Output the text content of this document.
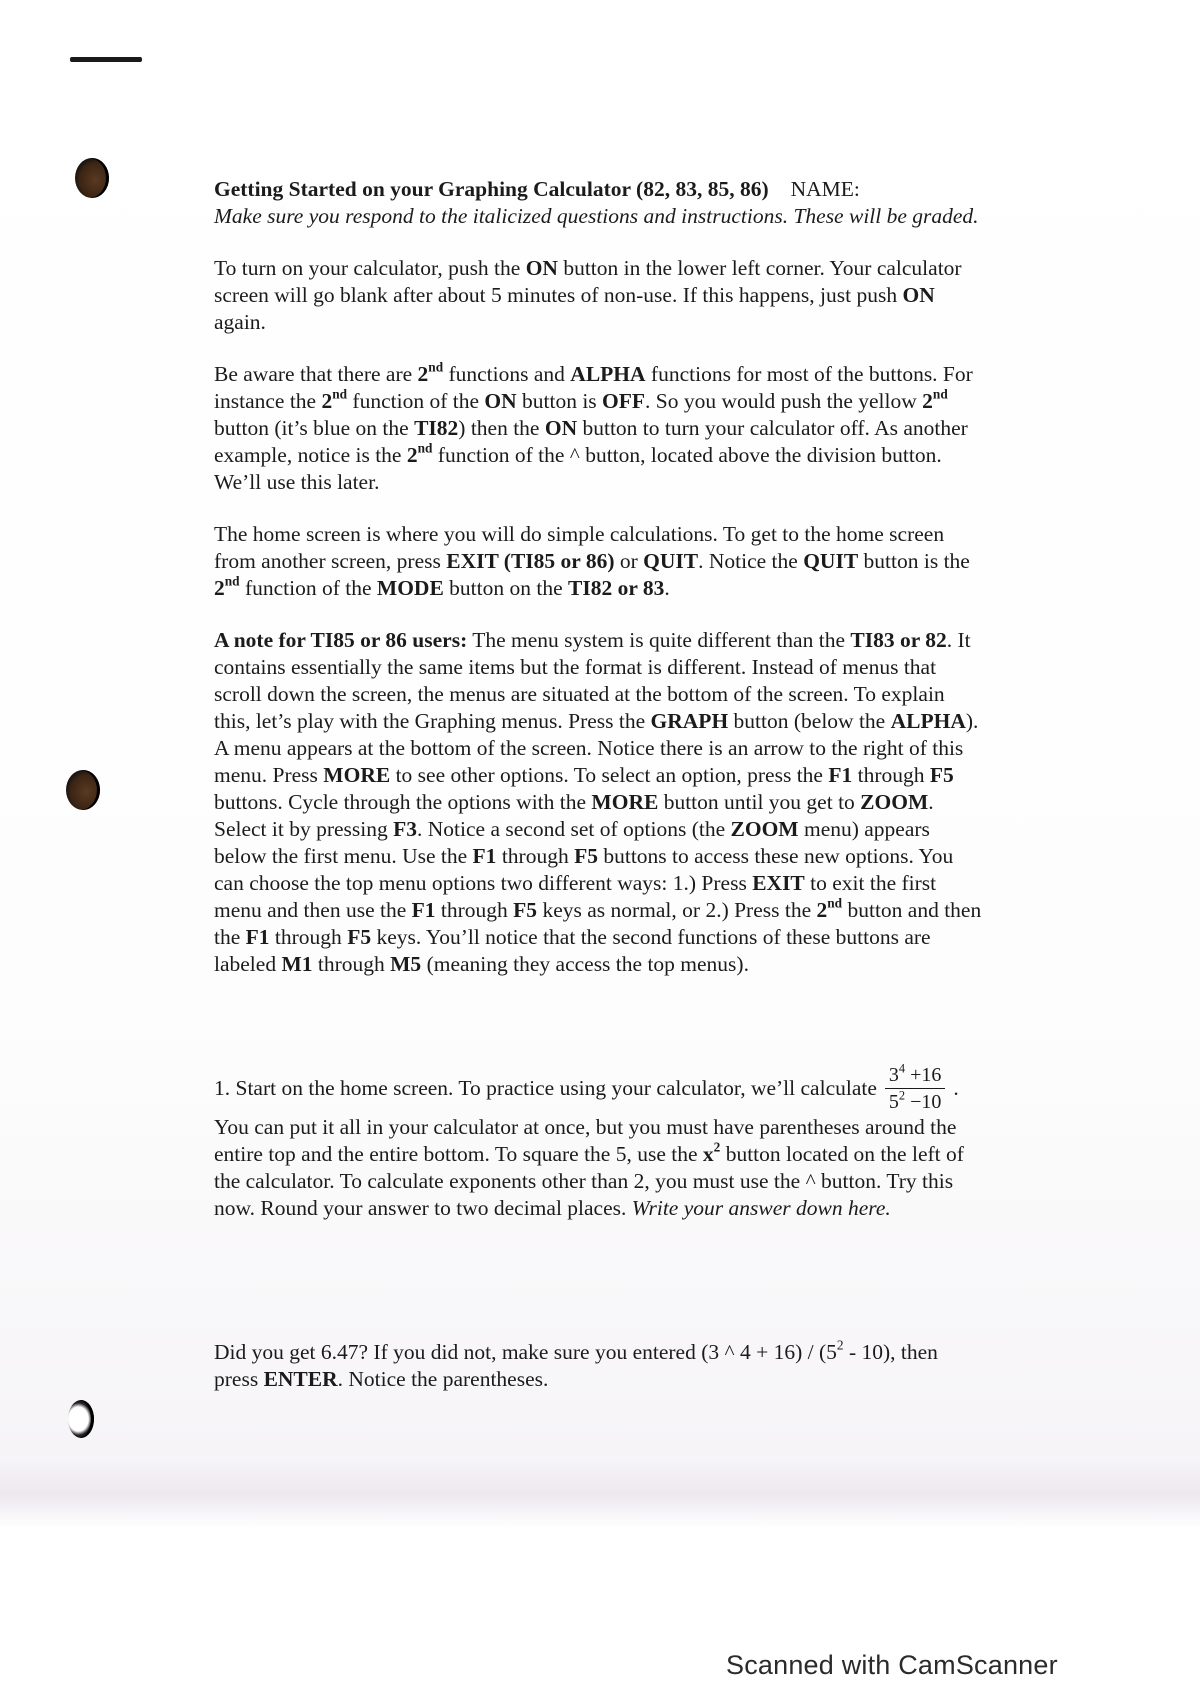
Getting Started on your Graphing Calculator (82, 83, 85, 86) NAME:
Make sure you respond to the italicized questions and instructions. These will be graded.

To turn on your calculator, push the ON button in the lower left corner. Your calculator screen will go blank after about 5 minutes of non-use. If this happens, just push ON again.

Be aware that there are 2nd functions and ALPHA functions for most of the buttons. For instance the 2nd function of the ON button is OFF. So you would push the yellow 2nd button (it’s blue on the TI82) then the ON button to turn your calculator off. As another example, notice is the 2nd function of the ^ button, located above the division button. We’ll use this later.

The home screen is where you will do simple calculations. To get to the home screen from another screen, press EXIT (TI85 or 86) or QUIT. Notice the QUIT button is the 2nd function of the MODE button on the TI82 or 83.

A note for TI85 or 86 users: The menu system is quite different than the TI83 or 82. It contains essentially the same items but the format is different. Instead of menus that scroll down the screen, the menus are situated at the bottom of the screen. To explain this, let’s play with the Graphing menus. Press the GRAPH button (below the ALPHA). A menu appears at the bottom of the screen. Notice there is an arrow to the right of this menu. Press MORE to see other options. To select an option, press the F1 through F5 buttons. Cycle through the options with the MORE button until you get to ZOOM. Select it by pressing F3. Notice a second set of options (the ZOOM menu) appears below the first menu. Use the F1 through F5 buttons to access these new options. You can choose the top menu options two different ways: 1.) Press EXIT to exit the first menu and then use the F1 through F5 keys as normal, or 2.) Press the 2nd button and then the F1 through F5 keys. You’ll notice that the second functions of these buttons are labeled M1 through M5 (meaning they access the top menus).

1. Start on the home screen. To practice using your calculator, we’ll calculate $\frac{3^4 +16}{5^2 -10}$ .

You can put it all in your calculator at once, but you must have parentheses around the entire top and the entire bottom. To square the 5, use the $x^2$ button located on the left of the calculator. To calculate exponents other than 2, you must use the ^ button. Try this now. Round your answer to two decimal places. Write your answer down here.

Did you get 6.47? If you did not, make sure you entered (3 ^ $4 + 16) / (5^2 - 10)$, then press ENTER. Notice the parentheses.

Scanned with CamScanner
